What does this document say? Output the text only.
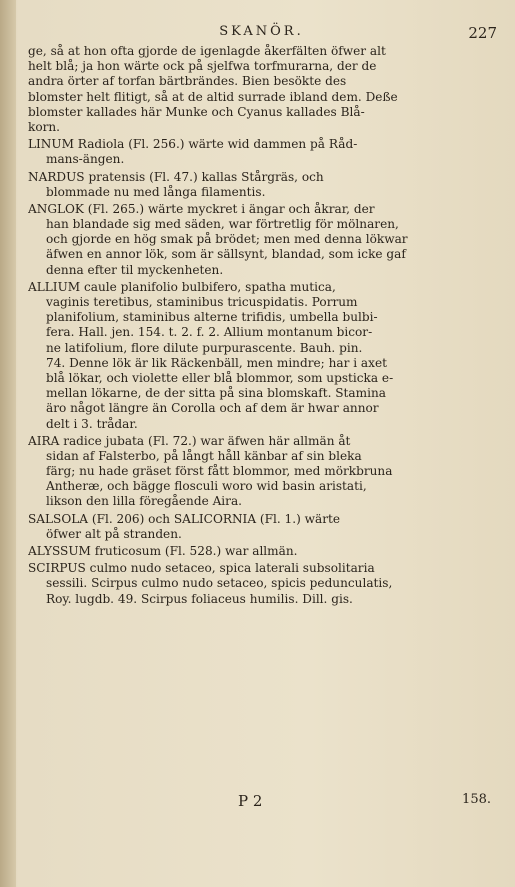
SKANÖR.	227
ge, så at hon ofta gjorde de igenlagde åkerfälten öfwer alt
helt blå; ja hon wärte ock på sjelfwa torfmurarna, der de
andra örter af torfan bärtbrändes. Bien besökte des
blomster helt flitigt, så at de altid surrade ibland dem. Deße
blomster kallades här Munke och Cyanus kallades Blå-
korn.
LINUM Radiola (Fl. 256.) wärte wid dammen på Råd-
mans-ängen.
NARDUS pratensis (Fl. 47.) kallas Stårgräs, och
blommade nu med långa filamentis.
ANGLOK (Fl. 265.) wärte myckret i ängar och åkrar, der
han blandade sig med säden, war förtretlig för mölnaren,
och gjorde en hög smak på brödet; men med denna lökwar
äfwen en annor lök, som är sällsynt, blandad, som icke gaf
denna efter til myckenheten.
ALLIUM caule planifolio bulbifero, spatha mutica,
vaginis teretibus, staminibus tricuspidatis. Porrum
planifolium, staminibus alterne trifidis, umbella bulbi-
fera. Hall. jen. 154. t. 2. f. 2. Allium montanum bicor-
ne latifolium, flore dilute purpurascente. Bauh. pin.
74. Denne lök är lik Räckenbäll, men mindre; har i axet
blå lökar, och violette eller blå blommor, som upsticka e-
mellan lökarne, de der sitta på sina blomskaft. Stamina
äro något längre än Corolla och af dem är hwar annor
delt i 3. trådar.
AIRA radice jubata (Fl. 72.) war äfwen här allmän åt
sidan af Falsterbo, på långt håll känbar af sin bleka
färg; nu hade gräset först fått blommor, med mörkbruna
Antheræ, och bägge flosculi woro wid basin aristati,
likson den lilla föregående Aira.
SALSOLA (Fl. 206) och SALICORNIA (Fl. 1.) wärte
öfwer alt på stranden.
ALYSSUM fruticosum (Fl. 528.) war allmän.
SCIRPUS culmo nudo setaceo, spica laterali subsolitaria
sessili. Scirpus culmo nudo setaceo, spicis pedunculatis,
Roy. lugdb. 49. Scirpus foliaceus humilis. Dill. gis.
P 2	158.
